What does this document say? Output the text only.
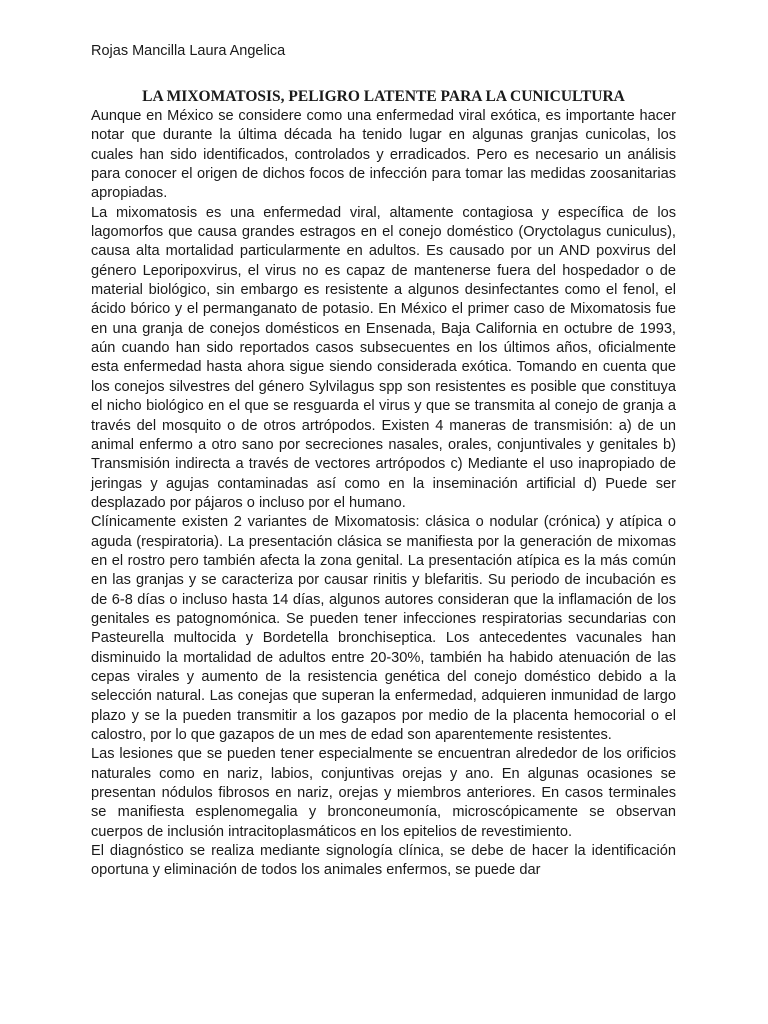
Rojas Mancilla Laura Angelica
LA MIXOMATOSIS, PELIGRO LATENTE PARA LA CUNICULTURA

Aunque en México se considere como una enfermedad viral exótica, es importante hacer notar que durante la última década ha tenido lugar en algunas granjas cunicolas, los cuales han sido identificados, controlados y erradicados. Pero es necesario un análisis para conocer el origen de dichos focos de infección para tomar las medidas zoosanitarias apropiadas.

La mixomatosis es una enfermedad viral, altamente contagiosa y específica de los lagomorfos que causa grandes estragos en el conejo doméstico (Oryctolagus cuniculus), causa alta mortalidad particularmente en adultos. Es causado por un AND poxvirus del género Leporipoxvirus, el virus no es capaz de mantenerse fuera del hospedador o de material biológico, sin embargo es resistente a algunos desinfectantes como el fenol, el ácido bórico y el permanganato de potasio. En México el primer caso de Mixomatosis fue en una granja de conejos domésticos en Ensenada, Baja California en octubre de 1993, aún cuando han sido reportados casos subsecuentes en los últimos años, oficialmente esta enfermedad hasta ahora sigue siendo considerada exótica. Tomando en cuenta que los conejos silvestres del género Sylvilagus spp son resistentes es posible que constituya el nicho biológico en el que se resguarda el virus y que se transmita al conejo de granja a través del mosquito o de otros artrópodos. Existen 4 maneras de transmisión: a) de un animal enfermo a otro sano por secreciones nasales, orales, conjuntivales y genitales b) Transmisión indirecta a través de vectores artrópodos c) Mediante el uso inapropiado de jeringas y agujas contaminadas así como en la inseminación artificial d) Puede ser desplazado por pájaros o incluso por el humano.

Clínicamente existen 2 variantes de Mixomatosis: clásica o nodular (crónica) y atípica o aguda (respiratoria). La presentación clásica se manifiesta por la generación de mixomas en el rostro pero también afecta la zona genital. La presentación atípica es la más común en las granjas y se caracteriza por causar rinitis y blefaritis. Su periodo de incubación es de 6-8 días o incluso hasta 14 días, algunos autores consideran que la inflamación de los genitales es patognomónica. Se pueden tener infecciones respiratorias secundarias con Pasteurella multocida y Bordetella bronchiseptica. Los antecedentes vacunales han disminuido la mortalidad de adultos entre 20-30%, también ha habido atenuación de las cepas virales y aumento de la resistencia genética del conejo doméstico debido a la selección natural. Las conejas que superan la enfermedad, adquieren inmunidad de largo plazo y se la pueden transmitir a los gazapos por medio de la placenta hemocorial o el calostro, por lo que gazapos de un mes de edad son aparentemente resistentes.

Las lesiones que se pueden tener especialmente se encuentran alrededor de los orificios naturales como en nariz, labios, conjuntivas orejas y ano. En algunas ocasiones se presentan nódulos fibrosos en nariz, orejas y miembros anteriores. En casos terminales se manifiesta esplenomegalia y bronconeumonía, microscópicamente se observan cuerpos de inclusión intracitoplasmáticos en los epitelios de revestimiento.

El diagnóstico se realiza mediante signología clínica, se debe de hacer la identificación oportuna y eliminación de todos los animales enfermos, se puede dar
